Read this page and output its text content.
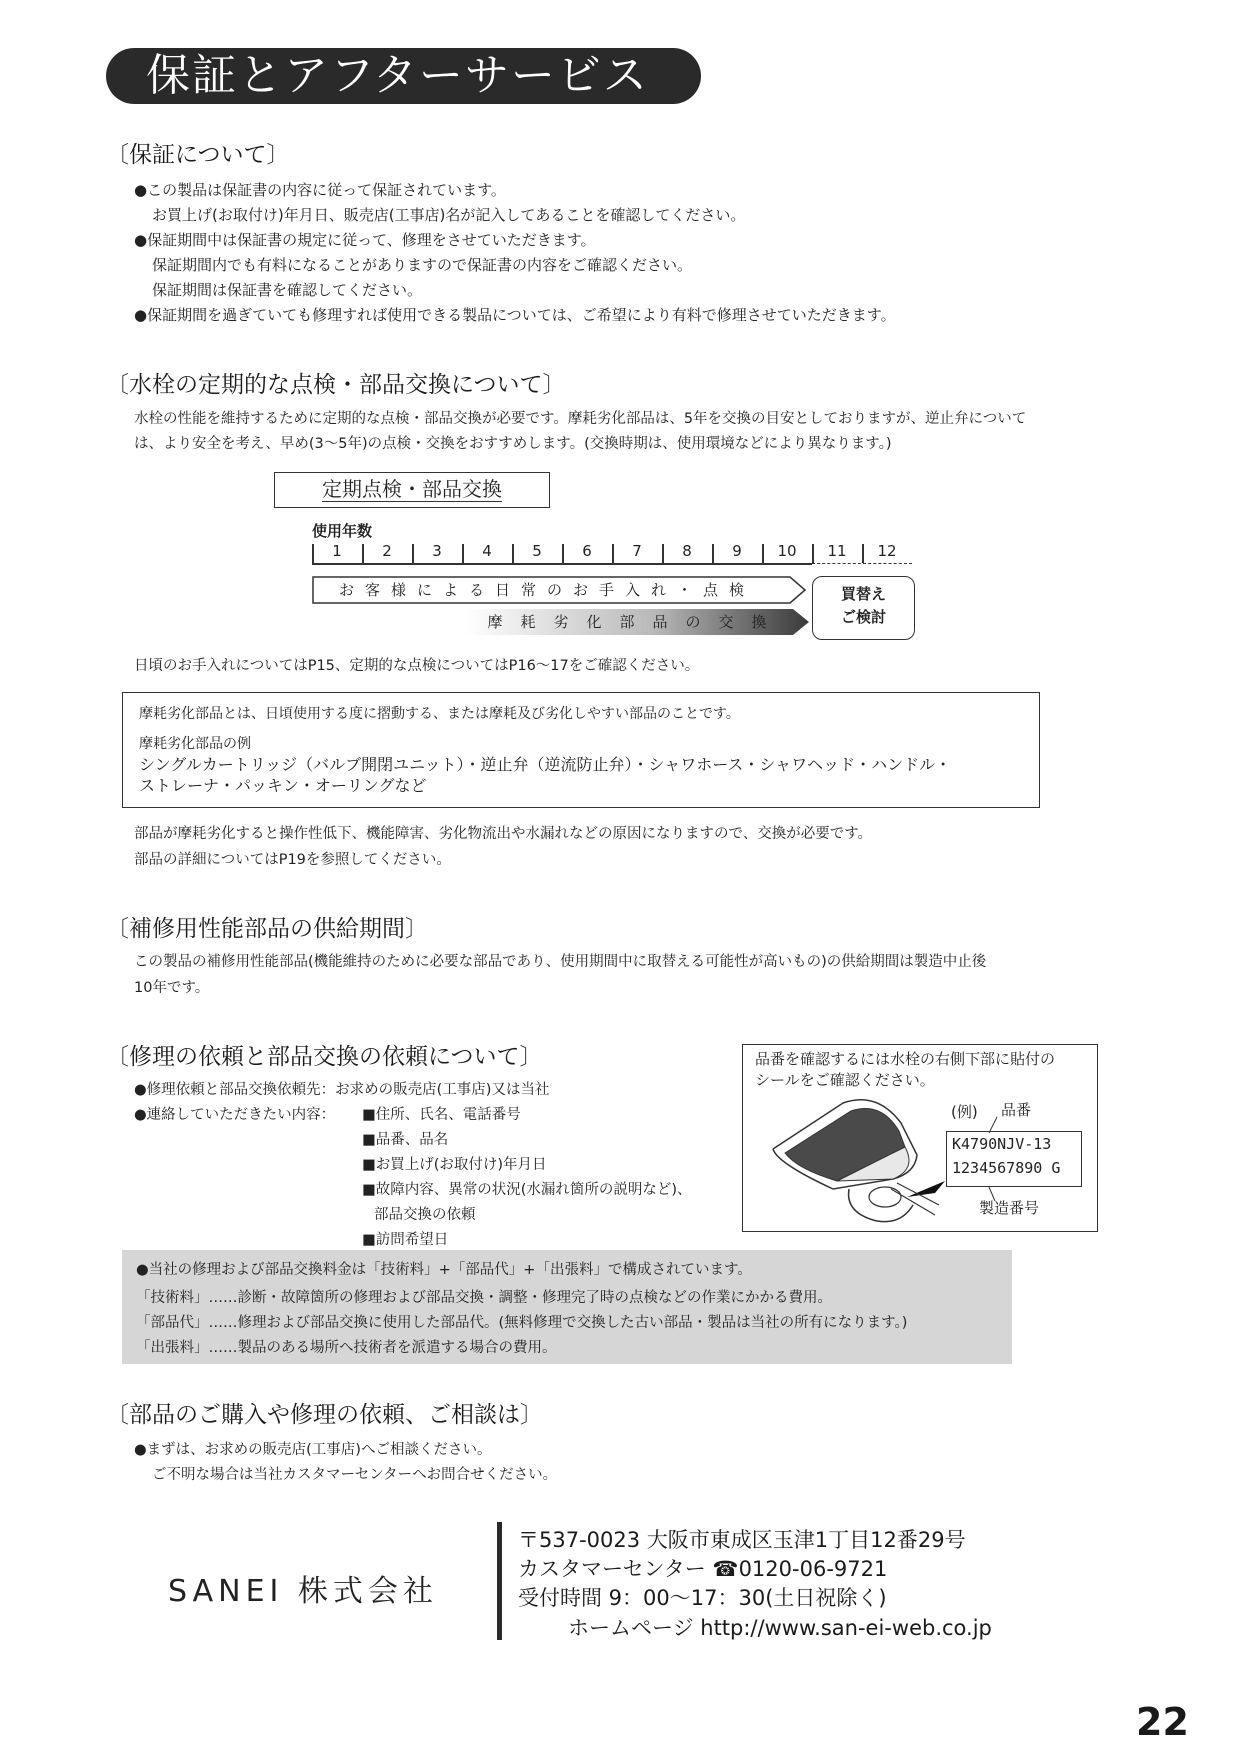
保証とアフターサービス
〔保証について〕
●この製品は保証書の内容に従って保証されています。
お買上げ(お取付け)年月日、販売店(工事店)名が記入してあることを確認してください。
●保証期間中は保証書の規定に従って、修理をさせていただきます。
保証期間内でも有料になることがありますので保証書の内容をご確認ください。
保証期間は保証書を確認してください。
●保証期間を過ぎていても修理すれば使用できる製品については、ご希望により有料で修理させていただきます。
〔水栓の定期的な点検・部品交換について〕
水栓の性能を維持するために定期的な点検・部品交換が必要です。摩耗劣化部品は、5年を交換の目安としておりますが、逆止弁について
は、より安全を考え、早め(3〜5年)の点検・交換をおすすめします。(交換時期は、使用環境などにより異なります。)
定期点検・部品交換
使用年数
1	2	3	4	5	6	7	8	9	10	11	12
お客様による日常のお手入れ・点検
摩耗劣化部品の交換
買替え
ご検討
日頃のお手入れについてはP15、定期的な点検についてはP16〜17をご確認ください。
摩耗劣化部品とは、日頃使用する度に摺動する、または摩耗及び劣化しやすい部品のことです。
摩耗劣化部品の例
シングルカートリッジ（バルブ開閉ユニット）・逆止弁（逆流防止弁）・シャワホース・シャワヘッド・ハンドル・
ストレーナ・パッキン・オーリングなど
部品が摩耗劣化すると操作性低下、機能障害、劣化物流出や水漏れなどの原因になりますので、交換が必要です。
部品の詳細についてはP19を参照してください。
〔補修用性能部品の供給期間〕
この製品の補修用性能部品(機能維持のために必要な部品であり、使用期間中に取替える可能性が高いもの)の供給期間は製造中止後
10年です。
〔修理の依頼と部品交換の依頼について〕
●修理依頼と部品交換依頼先：お求めの販売店(工事店)又は当社
●連絡していただきたい内容： ■住所、氏名、電話番号
■品番、品名
■お買上げ(お取付け)年月日
■故障内容、異常の状況(水漏れ箇所の説明など)、
部品交換の依頼
■訪問希望日
品番を確認するには水栓の右側下部に貼付の
シールをご確認ください。
(例) 品番
K4790NJV-13
1234567890 G
製造番号
●当社の修理および部品交換料金は「技術料」+「部品代」+「出張料」で構成されています。
「技術料」……診断・故障箇所の修理および部品交換・調整・修理完了時の点検などの作業にかかる費用。
「部品代」……修理および部品交換に使用した部品代。(無料修理で交換した古い部品・製品は当社の所有になります。)
「出張料」……製品のある場所へ技術者を派遣する場合の費用。
〔部品のご購入や修理の依頼、ご相談は〕
●まずは、お求めの販売店(工事店)へご相談ください。
ご不明な場合は当社カスタマーセンターへお問合せください。
SANEI 株式会社
〒537-0023 大阪市東成区玉津1丁目12番29号
カスタマーセンター ☎0120-06-9721
受付時間 9：00〜17：30(土日祝除く)
ホームページ http://www.san-ei-web.co.jp
22
